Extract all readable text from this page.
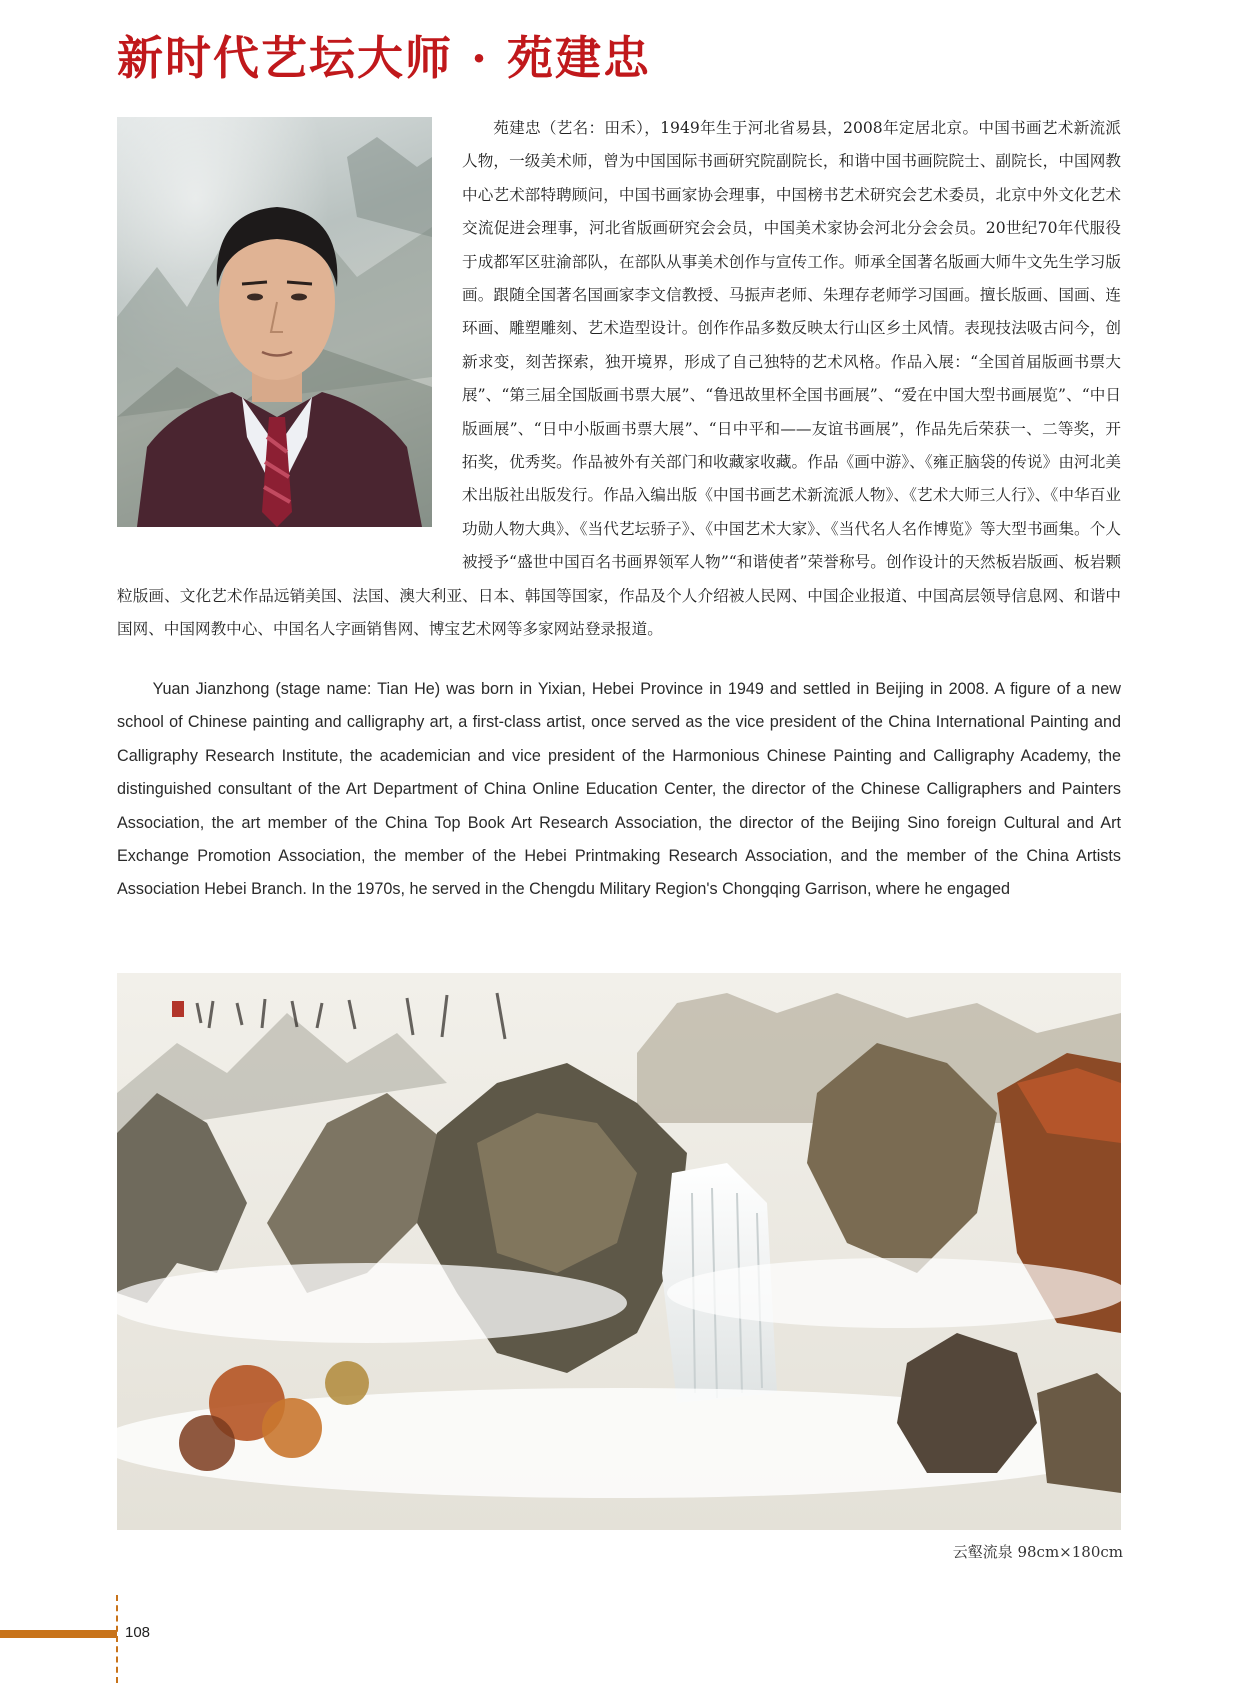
新时代艺坛大师 · 苑建忠

苑建忠（艺名：田禾），1949年生于河北省易县，2008年定居北京。中国书画艺术新流派人物，一级美术师，曾为中国国际书画研究院副院长，和谐中国书画院院士、副院长，中国网教中心艺术部特聘顾问，中国书画家协会理事，中国榜书艺术研究会艺术委员，北京中外文化艺术交流促进会理事，河北省版画研究会会员，中国美术家协会河北分会会员。20世纪70年代服役于成都军区驻渝部队，在部队从事美术创作与宣传工作。师承全国著名版画大师牛文先生学习版画。跟随全国著名国画家李文信教授、马振声老师、朱理存老师学习国画。擅长版画、国画、连环画、雕塑雕刻、艺术造型设计。创作作品多数反映太行山区乡土风情。表现技法吸古问今，创新求变，刻苦探索，独开境界，形成了自己独特的艺术风格。作品入展：“全国首届版画书票大展”、“第三届全国版画书票大展”、“鲁迅故里杯全国书画展”、“爱在中国大型书画展览”、“中日版画展”、“日中小版画书票大展”、“日中平和——友谊书画展”，作品先后荣获一、二等奖，开拓奖，优秀奖。作品被外有关部门和收藏家收藏。作品《画中游》、《雍正脑袋的传说》由河北美术出版社出版发行。作品入编出版《中国书画艺术新流派人物》、《艺术大师三人行》、《中华百业功勋人物大典》、《当代艺坛骄子》、《中国艺术大家》、《当代名人名作博览》等大型书画集。个人被授予“盛世中国百名书画界领军人物”“和谐使者”荣誉称号。创作设计的天然板岩版画、板岩颗粒版画、文化艺术作品远销美国、法国、澳大利亚、日本、韩国等国家，作品及个人介绍被人民网、中国企业报道、中国高层领导信息网、和谐中国网、中国网教中心、中国名人字画销售网、博宝艺术网等多家网站登录报道。

Yuan Jianzhong (stage name: Tian He) was born in Yixian, Hebei Province in 1949 and settled in Beijing in 2008. A figure of a new school of Chinese painting and calligraphy art, a first-class artist, once served as the vice president of the China International Painting and Calligraphy Research Institute, the academician and vice president of the Harmonious Chinese Painting and Calligraphy Academy, the distinguished consultant of the Art Department of China Online Education Center, the director of the Chinese Calligraphers and Painters Association, the art member of the China Top Book Art Research Association, the director of the Beijing Sino foreign Cultural and Art Exchange Promotion Association, the member of the Hebei Printmaking Research Association, and the member of the China Artists Association Hebei Branch. In the 1970s, he served in the Chengdu Military Region's Chongqing Garrison, where he engaged

云壑流泉 98cm×180cm
108
